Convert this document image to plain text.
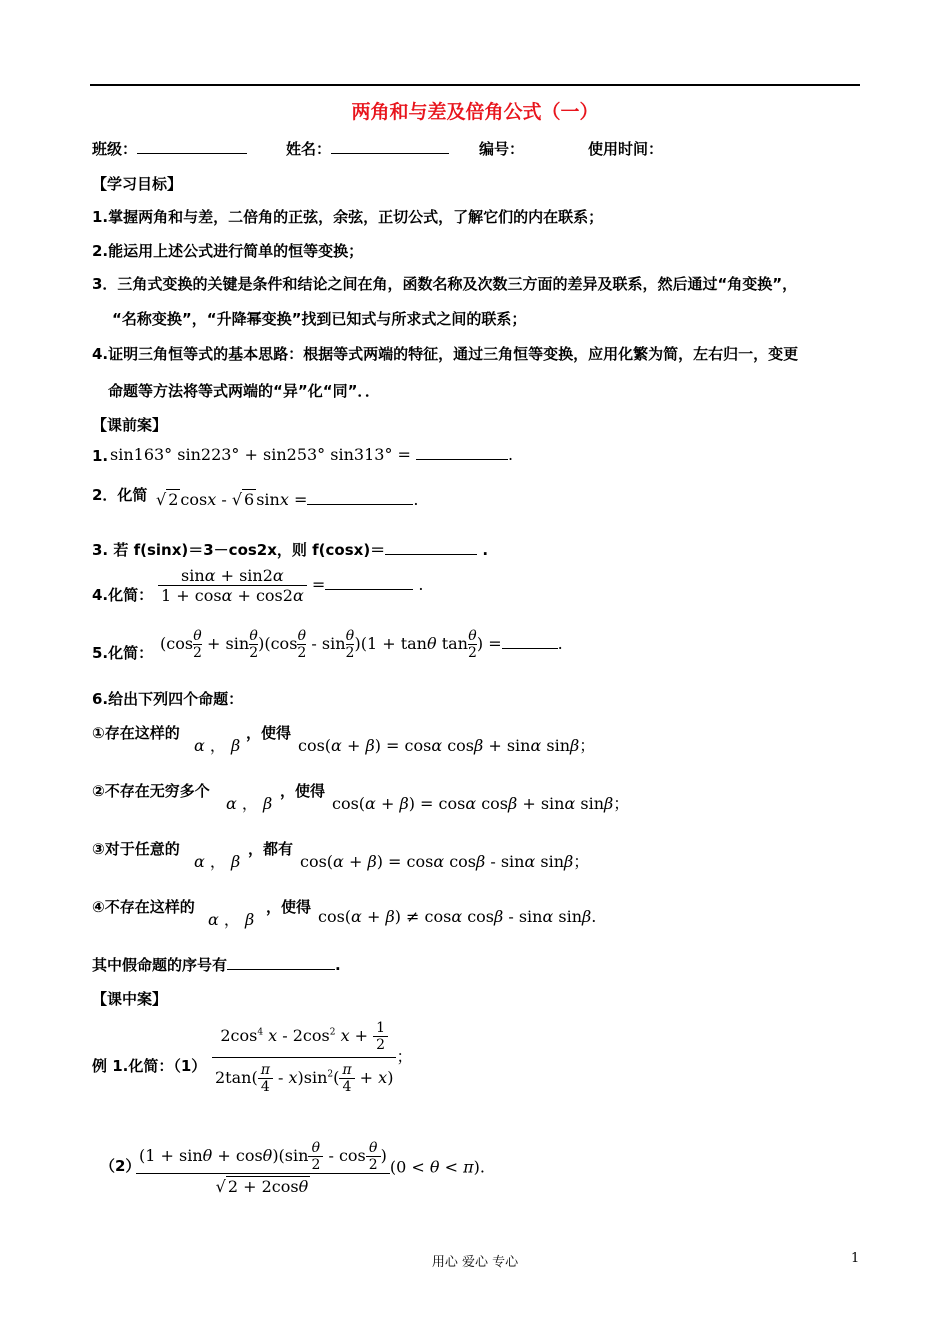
两角和与差及倍角公式（一）
班级：	姓名：	编号：	使用时间：
【学习目标】
1.掌握两角和与差，二倍角的正弦，余弦，正切公式，了解它们的内在联系；
2.能运用上述公式进行简单的恒等变换；
3．三角式变换的关键是条件和结论之间在角，函数名称及次数三方面的差异及联系，然后通过“角变换”，
“名称变换”，“升降幂变换”找到已知式与所求式之间的联系；
4.证明三角恒等式的基本思路：根据等式两端的特征，通过三角恒等变换，应用化繁为简，左右归一，变更
命题等方法将等式两端的“异”化“同”．．
【课前案】
1. sin163° sin223° + sin253° sin313° =	.
2．化简 √ 2 cosx - √ 6 sinx =	.
3. 若 f(sinx)＝3－cos2x，则 f(cosx)＝	.
4.化简： $\frac{\sin\alpha + \sin 2\alpha}{1 + \cos\alpha + \cos 2\alpha}$ =	.
5.化简： $(\cos \frac{\theta}{2} + \sin \frac{\theta}{2} )(\cos \frac{\theta}{2} - \sin \frac{\theta}{2} )(1 + \tan\theta$ $\tan \frac{\theta}{2}$ ) =	.
6.给出下列四个命题：
①存在这样的
α ， β
，使得
cos(α + β) = cosα cosβ + sinα sinβ；
②不存在无穷多个
α ， β
，使得
cos(α + β) = cosα cosβ + sinα sinβ；
③对于任意的
α ， β
，都有
cos(α + β) = cosα cosβ - sinα sinβ；
④不存在这样的
α ， β
，使得 cos(α + β) ≠ cosα cosβ - sinα sinβ.
其中假命题的序号有	.
【课中案】
例 1.化简：$(1) \frac{2\cos^4 x - 2\cos^2 x + \frac{1}{2}}{2\tan( \frac{\pi}{4} - x)\sin^2( \frac{\pi}{4} + x)}$ ；
（2）
$\frac{(1 + \sin\theta + \cos\theta)(\sin \frac{\theta}{2} - \cos \frac{\theta}{2} )}{√ 2 + 2\cos\theta} (0 < \theta < \pi)$.
用心 爱心 专心	1
